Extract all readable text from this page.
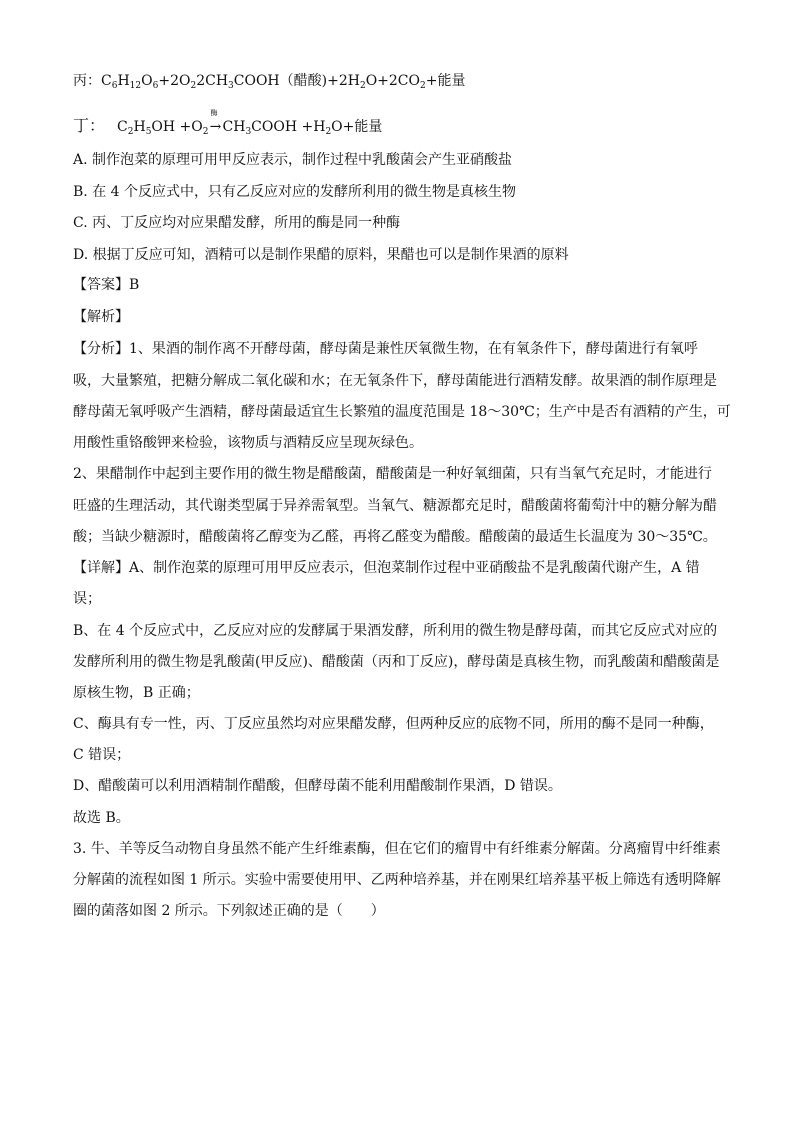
丙：$C_6H_{12}O_6+2O_22CH_3COOH$（醋酸)$+2H_2O+2CO_2+$能量
丁： $C_2H_5OH +O_2$
酶
$\to CH_3COOH +H_2O+$能量
A. 制作泡菜的原理可用甲反应表示，制作过程中乳酸菌会产生亚硝酸盐
B. 在 4 个反应式中，只有乙反应对应的发酵所利用的微生物是真核生物
C. 丙、丁反应均对应果醋发酵，所用的酶是同一种酶
D. 根据丁反应可知，酒精可以是制作果醋的原料，果醋也可以是制作果酒的原料
【答案】B
【解析】
【分析】1、果酒的制作离不开酵母菌，酵母菌是兼性厌氧微生物，在有氧条件下，酵母菌进行有氧呼
吸，大量繁殖，把糖分解成二氧化碳和水；在无氧条件下，酵母菌能进行酒精发酵。故果酒的制作原理是
酵母菌无氧呼吸产生酒精，酵母菌最适宜生长繁殖的温度范围是 18～30℃；生产中是否有酒精的产生，可
用酸性重铬酸钾来检验，该物质与酒精反应呈现灰绿色。
2、果醋制作中起到主要作用的微生物是醋酸菌，醋酸菌是一种好氧细菌，只有当氧气充足时，才能进行
旺盛的生理活动，其代谢类型属于异养需氧型。当氧气、糖源都充足时，醋酸菌将葡萄汁中的糖分解为醋
酸；当缺少糖源时，醋酸菌将乙醇变为乙醛，再将乙醛变为醋酸。醋酸菌的最适生长温度为 30～35℃。
【详解】A、制作泡菜的原理可用甲反应表示，但泡菜制作过程中亚硝酸盐不是乳酸菌代谢产生，A 错
误；
B、在 4 个反应式中，乙反应对应的发酵属于果酒发酵，所利用的微生物是酵母菌，而其它反应式对应的
发酵所利用的微生物是乳酸菌(甲反应)、醋酸菌（丙和丁反应)，酵母菌是真核生物，而乳酸菌和醋酸菌是
原核生物，B 正确；
C、酶具有专一性，丙、丁反应虽然均对应果醋发酵，但两种反应的底物不同，所用的酶不是同一种酶，
C 错误；
D、醋酸菌可以利用酒精制作醋酸，但酵母菌不能利用醋酸制作果酒，D 错误。
故选 B。
3. 牛、羊等反刍动物自身虽然不能产生纤维素酶，但在它们的瘤胃中有纤维素分解菌。分离瘤胃中纤维素
分解菌的流程如图 1 所示。实验中需要使用甲、乙两种培养基，并在刚果红培养基平板上筛选有透明降解
圈的菌落如图 2 所示。下列叙述正确的是（　　）
